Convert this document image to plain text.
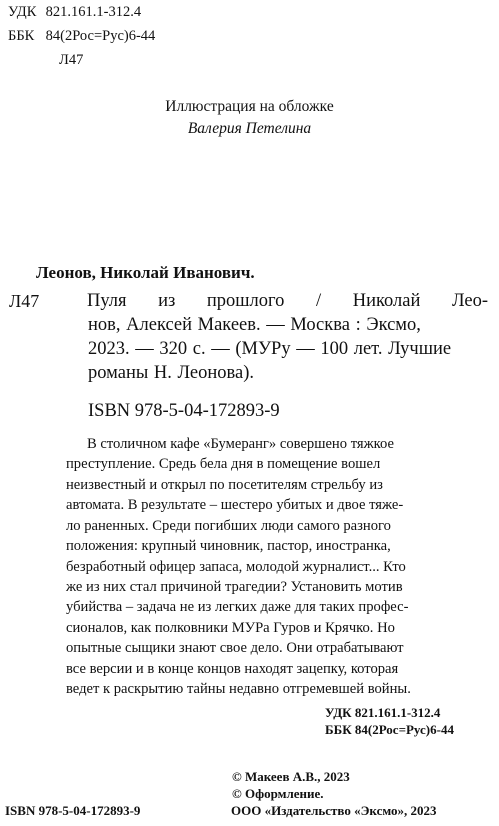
УДК 821.161.1-312.4
ББК 84(2Рос=Рус)6-44
Л47
Иллюстрация на обложке
Валерия Петелина
Леонов, Николай Иванович.
Л47	Пуля из прошлого / Николай Лео-
нов, Алексей Макеев. — Москва : Эксмо,
2023. — 320 с. — (МУРу — 100 лет. Лучшие
романы Н. Леонова).
ISBN 978-5-04-172893-9
В столичном кафе «Бумеранг» совершено тяжкое
преступление. Средь бела дня в помещение вошел
неизвестный и открыл по посетителям стрельбу из
автомата. В результате – шестеро убитых и двое тяже-
ло раненных. Среди погибших люди самого разного
положения: крупный чиновник, пастор, иностранка,
безработный офицер запаса, молодой журналист... Кто
же из них стал причиной трагедии? Установить мотив
убийства – задача не из легких даже для таких профес-
сионалов, как полковники МУРа Гуров и Крячко. Но
опытные сыщики знают свое дело. Они отрабатывают
все версии и в конце концов находят зацепку, которая
ведет к раскрытию тайны недавно отгремевшей войны.
УДК 821.161.1-312.4
ББК 84(2Рос=Рус)6-44
© Макеев А.В., 2023
© Оформление.
ООО «Издательство «Эксмо», 2023
ISBN 978-5-04-172893-9
